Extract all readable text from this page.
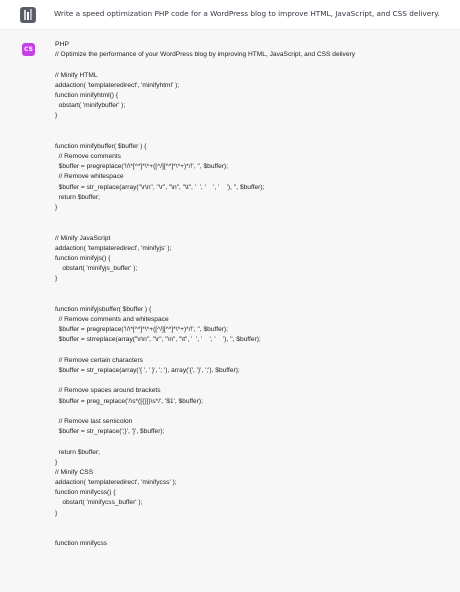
Write a speed optimization PHP code for a WordPress blog to improve HTML, JavaScript, and CSS delivery.
CS
PHP
// Optimize the performance of your WordPress blog by improving HTML, JavaScript, and CSS delivery
// Minify HTML
addaction( 'templateredirect', 'minifyhtml' );
function minifyhtml() {
obstart( 'minifybuffer' );
}
function minifybuffer( $buffer ) {
// Remove comments
$buffer = pregreplace('!/\*[^*]*\*+([^/][^*]*\*+)*/!', '', $buffer);
// Remove whitespace
$buffer = str_replace(array("\r\n", "\r", "\n", "\t", '  ', '    ', '    '), '', $buffer);
return $buffer;
}
// Minify JavaScript
addaction( 'templateredirect', 'minifyjs' );
function minifyjs() {
obstart( 'minifyjs_buffer' );
}
function minifyjsbuffer( $buffer ) {
// Remove comments and whitespace
$buffer = pregreplace('!/\*[^*]*\*+([^/][^*]*\*+)*/!', '', $buffer);
$buffer = strreplace(array("\r\n", "\r", "\n", "\t", '  ', '    ', '    '), '', $buffer);
// Remove certain characters
$buffer = str_replace(array('{ ', ' }', '; '), array('{', '}', ';'), $buffer);
// Remove spaces around brackets
$buffer = preg_replace('/\s*([{}])\s*/', '$1', $buffer);
// Remove last semicolon
$buffer = str_replace(';}', '}', $buffer);
return $buffer;
}
// Minify CSS
addaction( 'templateredirect', 'minifycss' );
function minifycss() {
obstart( 'minifycss_buffer' );
}
function minifycss
